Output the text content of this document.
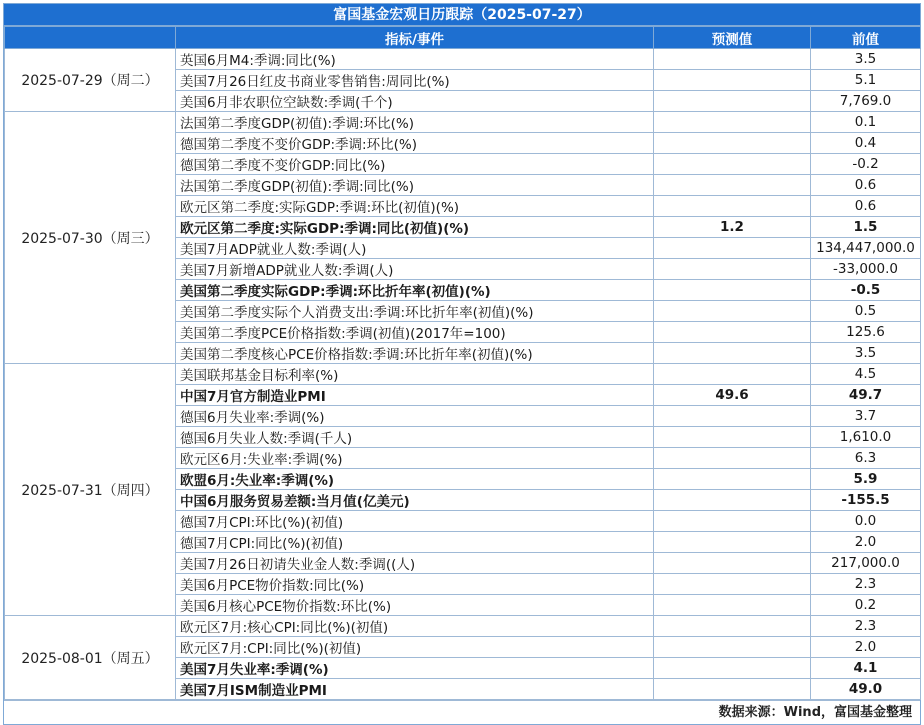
富国基金宏观日历跟踪（2025-07-27）
	指标/事件	预测值	前值
2025-07-29（周二）	英国6月M4:季调:同比(%)		3.5
	美国7月26日红皮书商业零售销售:周同比(%)		5.1
	美国6月非农职位空缺数:季调(千个)		7,769.0
2025-07-30（周三）	法国第二季度GDP(初值):季调:环比(%)		0.1
	德国第二季度不变价GDP:季调:环比(%)		0.4
	德国第二季度不变价GDP:同比(%)		-0.2
	法国第二季度GDP(初值):季调:同比(%)		0.6
	欧元区第二季度:实际GDP:季调:环比(初值)(%)		0.6
	欧元区第二季度:实际GDP:季调:同比(初值)(%)	1.2	1.5
	美国7月ADP就业人数:季调(人)		134,447,000.0
	美国7月新增ADP就业人数:季调(人)		-33,000.0
	美国第二季度实际GDP:季调:环比折年率(初值)(%)		-0.5
	美国第二季度实际个人消费支出:季调:环比折年率(初值)(%)		0.5
	美国第二季度PCE价格指数:季调(初值)(2017年=100)		125.6
	美国第二季度核心PCE价格指数:季调:环比折年率(初值)(%)		3.5
2025-07-31（周四）	美国联邦基金目标利率(%)		4.5
	中国7月官方制造业PMI	49.6	49.7
	德国6月失业率:季调(%)		3.7
	德国6月失业人数:季调(千人)		1,610.0
	欧元区6月:失业率:季调(%)		6.3
	欧盟6月:失业率:季调(%)		5.9
	中国6月服务贸易差额:当月值(亿美元)		-155.5
	德国7月CPI:环比(%)(初值)		0.0
	德国7月CPI:同比(%)(初值)		2.0
	美国7月26日初请失业金人数:季调((人)		217,000.0
	美国6月PCE物价指数:同比(%)		2.3
	美国6月核心PCE物价指数:环比(%)		0.2
2025-08-01（周五）	欧元区7月:核心CPI:同比(%)(初值)		2.3
	欧元区7月:CPI:同比(%)(初值)		2.0
	美国7月失业率:季调(%)		4.1
	美国7月ISM制造业PMI		49.0
数据来源：Wind，富国基金整理
